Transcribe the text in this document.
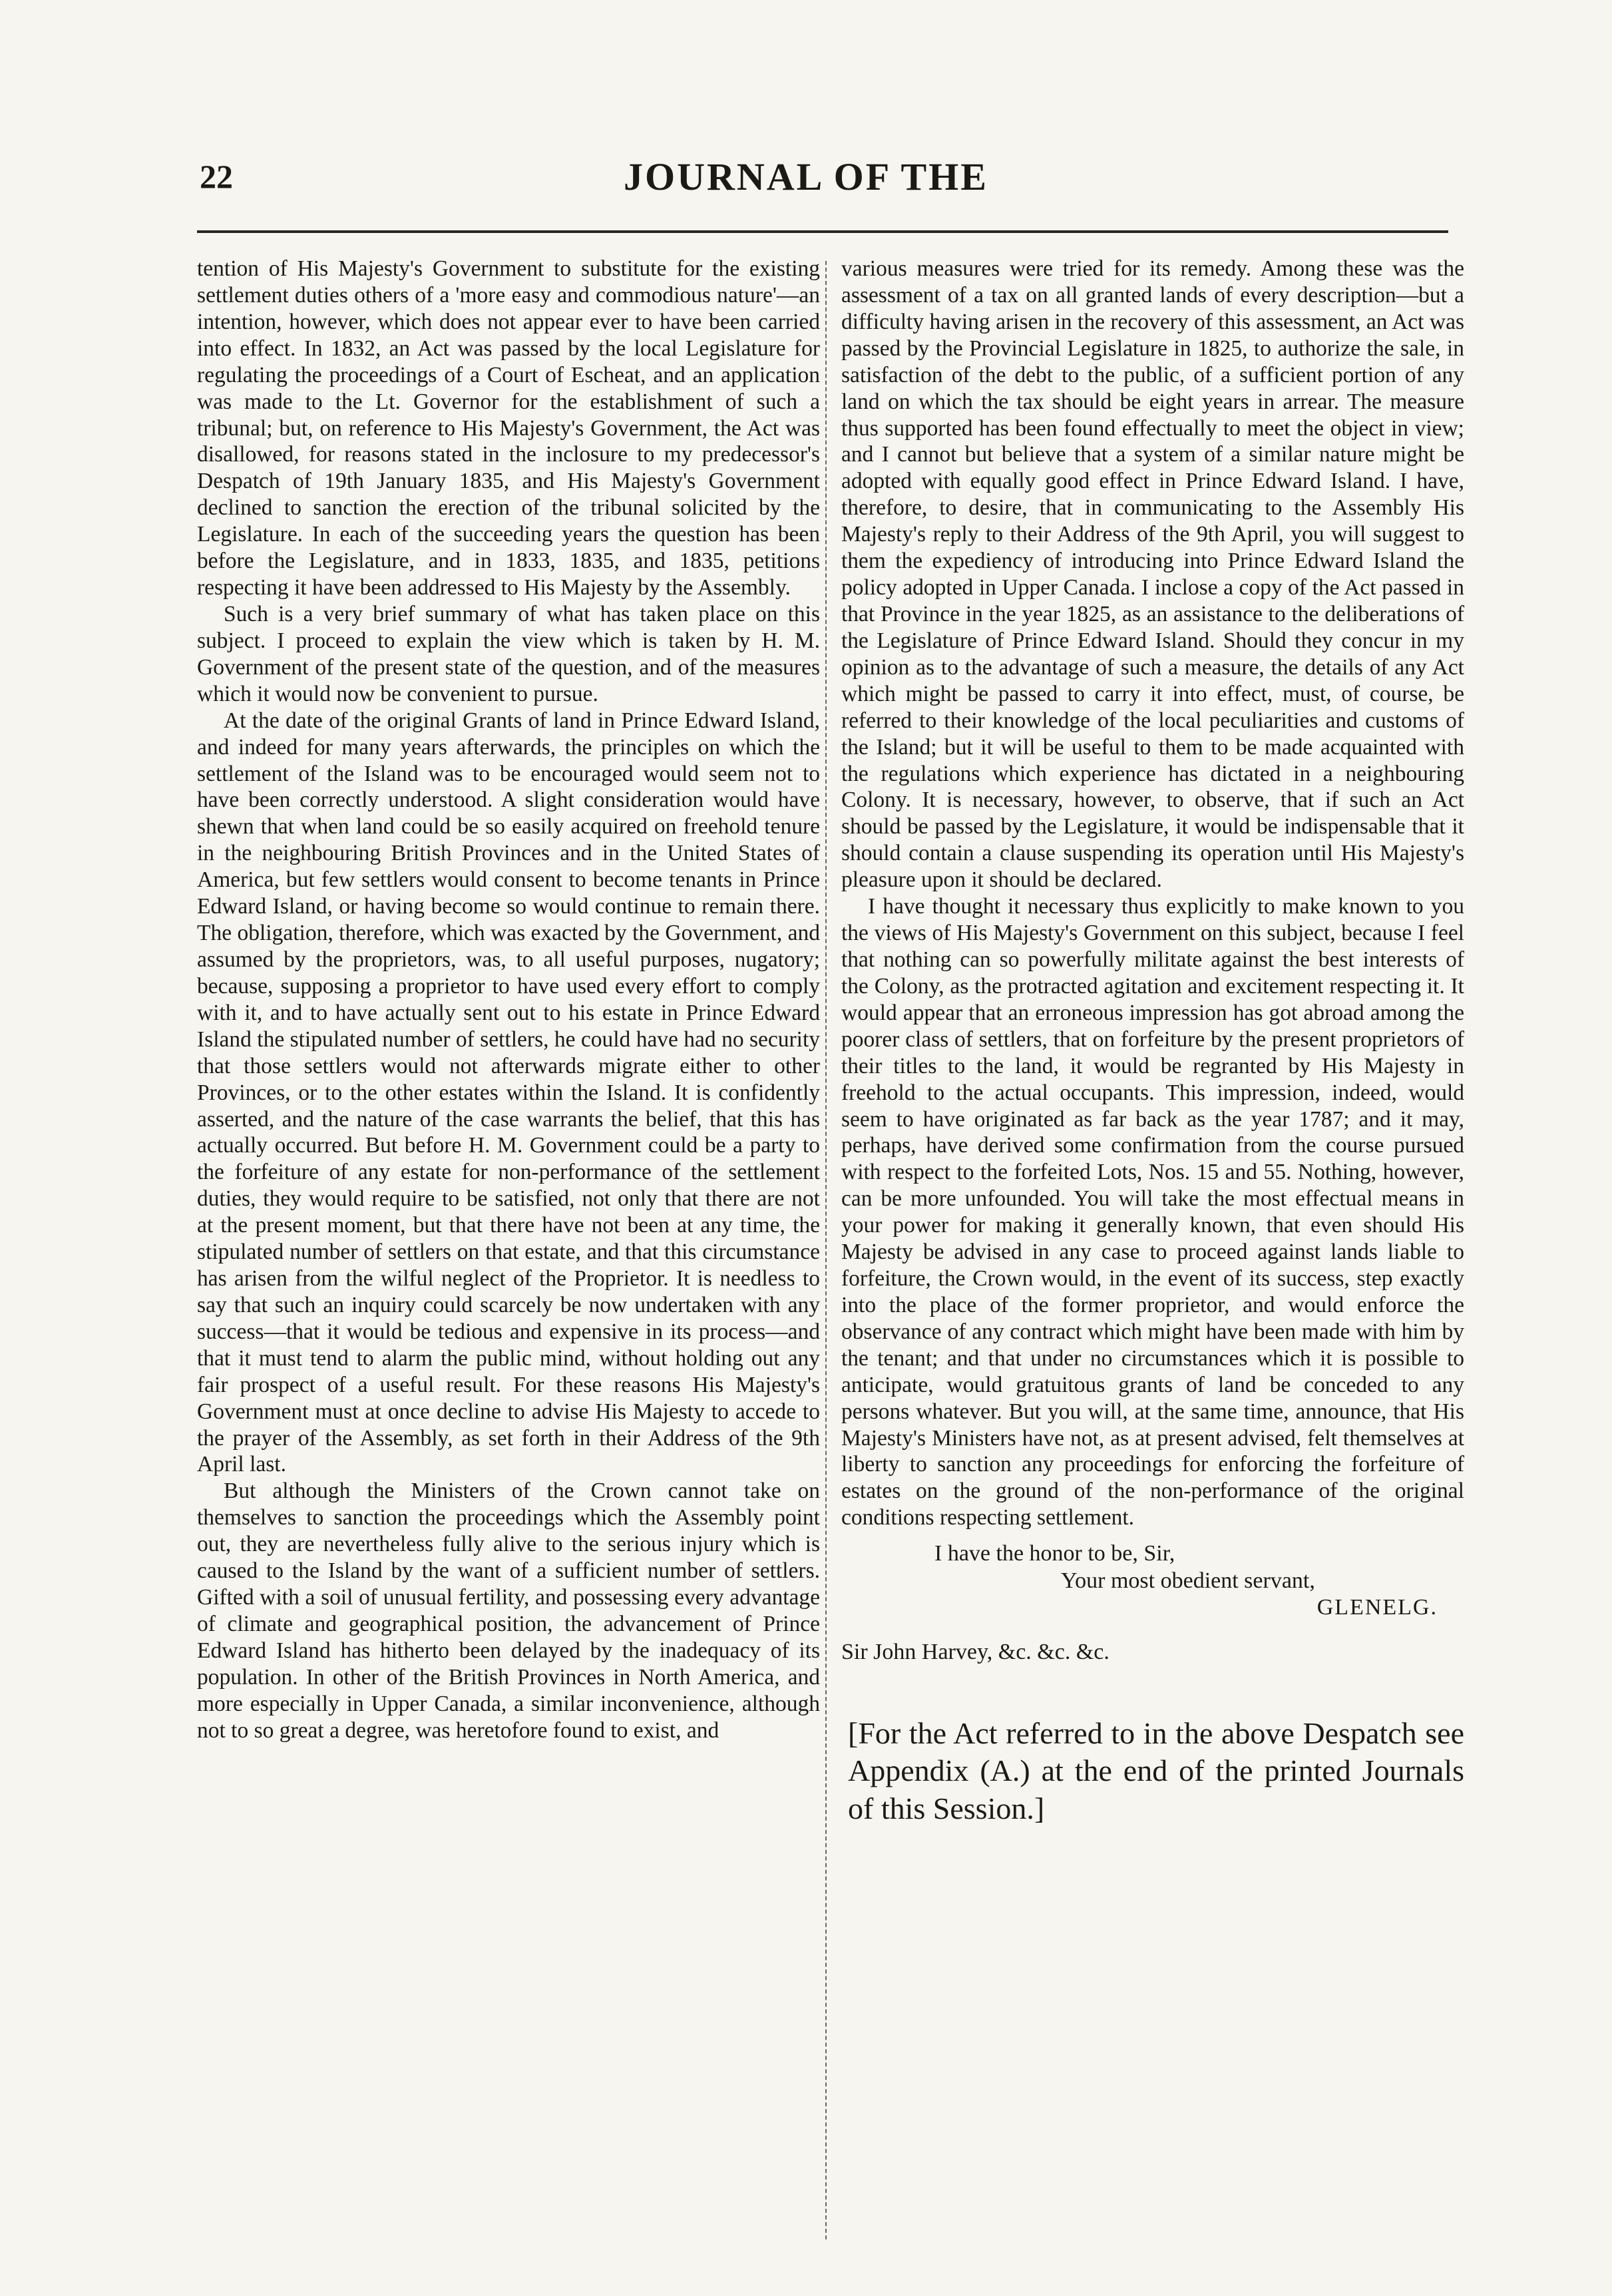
22	JOURNAL OF THE

tention of His Majesty's Government to substitute for the existing settlement duties others of a 'more easy and commodious nature'—an intention, however, which does not appear ever to have been carried into effect. In 1832, an Act was passed by the local Legislature for regulating the proceedings of a Court of Escheat, and an application was made to the Lt. Governor for the establishment of such a tribunal; but, on reference to His Majesty's Government, the Act was disallowed, for reasons stated in the inclosure to my predecessor's Despatch of 19th January 1835, and His Majesty's Government declined to sanction the erection of the tribunal solicited by the Legislature. In each of the succeeding years the question has been before the Legislature, and in 1833, 1835, and 1835, petitions respecting it have been addressed to His Majesty by the Assembly.

Such is a very brief summary of what has taken place on this subject. I proceed to explain the view which is taken by H. M. Government of the present state of the question, and of the measures which it would now be convenient to pursue.

At the date of the original Grants of land in Prince Edward Island, and indeed for many years afterwards, the principles on which the settlement of the Island was to be encouraged would seem not to have been correctly understood. A slight consideration would have shewn that when land could be so easily acquired on freehold tenure in the neighbouring British Provinces and in the United States of America, but few settlers would consent to become tenants in Prince Edward Island, or having become so would continue to remain there. The obligation, therefore, which was exacted by the Government, and assumed by the proprietors, was, to all useful purposes, nugatory; because, supposing a proprietor to have used every effort to comply with it, and to have actually sent out to his estate in Prince Edward Island the stipulated number of settlers, he could have had no security that those settlers would not afterwards migrate either to other Provinces, or to the other estates within the Island. It is confidently asserted, and the nature of the case warrants the belief, that this has actually occurred. But before H. M. Government could be a party to the forfeiture of any estate for non-performance of the settlement duties, they would require to be satisfied, not only that there are not at the present moment, but that there have not been at any time, the stipulated number of settlers on that estate, and that this circumstance has arisen from the wilful neglect of the Proprietor. It is needless to say that such an inquiry could scarcely be now undertaken with any success—that it would be tedious and expensive in its process—and that it must tend to alarm the public mind, without holding out any fair prospect of a useful result. For these reasons His Majesty's Government must at once decline to advise His Majesty to accede to the prayer of the Assembly, as set forth in their Address of the 9th April last.

But although the Ministers of the Crown cannot take on themselves to sanction the proceedings which the Assembly point out, they are nevertheless fully alive to the serious injury which is caused to the Island by the want of a sufficient number of settlers. Gifted with a soil of unusual fertility, and possessing every advantage of climate and geographical position, the advancement of Prince Edward Island has hitherto been delayed by the inadequacy of its population. In other of the British Provinces in North America, and more especially in Upper Canada, a similar inconvenience, although not to so great a degree, was heretofore found to exist, and

various measures were tried for its remedy. Among these was the assessment of a tax on all granted lands of every description—but a difficulty having arisen in the recovery of this assessment, an Act was passed by the Provincial Legislature in 1825, to authorize the sale, in satisfaction of the debt to the public, of a sufficient portion of any land on which the tax should be eight years in arrear. The measure thus supported has been found effectually to meet the object in view; and I cannot but believe that a system of a similar nature might be adopted with equally good effect in Prince Edward Island. I have, therefore, to desire, that in communicating to the Assembly His Majesty's reply to their Address of the 9th April, you will suggest to them the expediency of introducing into Prince Edward Island the policy adopted in Upper Canada. I inclose a copy of the Act passed in that Province in the year 1825, as an assistance to the deliberations of the Legislature of Prince Edward Island. Should they concur in my opinion as to the advantage of such a measure, the details of any Act which might be passed to carry it into effect, must, of course, be referred to their knowledge of the local peculiarities and customs of the Island; but it will be useful to them to be made acquainted with the regulations which experience has dictated in a neighbouring Colony. It is necessary, however, to observe, that if such an Act should be passed by the Legislature, it would be indispensable that it should contain a clause suspending its operation until His Majesty's pleasure upon it should be declared.

I have thought it necessary thus explicitly to make known to you the views of His Majesty's Government on this subject, because I feel that nothing can so powerfully militate against the best interests of the Colony, as the protracted agitation and excitement respecting it. It would appear that an erroneous impression has got abroad among the poorer class of settlers, that on forfeiture by the present proprietors of their titles to the land, it would be regranted by His Majesty in freehold to the actual occupants. This impression, indeed, would seem to have originated as far back as the year 1787; and it may, perhaps, have derived some confirmation from the course pursued with respect to the forfeited Lots, Nos. 15 and 55. Nothing, however, can be more unfounded. You will take the most effectual means in your power for making it generally known, that even should His Majesty be advised in any case to proceed against lands liable to forfeiture, the Crown would, in the event of its success, step exactly into the place of the former proprietor, and would enforce the observance of any contract which might have been made with him by the tenant; and that under no circumstances which it is possible to anticipate, would gratuitous grants of land be conceded to any persons whatever. But you will, at the same time, announce, that His Majesty's Ministers have not, as at present advised, felt themselves at liberty to sanction any proceedings for enforcing the forfeiture of estates on the ground of the non-performance of the original conditions respecting settlement.

I have the honor to be, Sir,
Your most obedient servant,
GLENELG.
Sir John Harvey, &c. &c. &c.
[For the Act referred to in the above Despatch see Appendix (A.) at the end of the printed Journals of this Session.]
